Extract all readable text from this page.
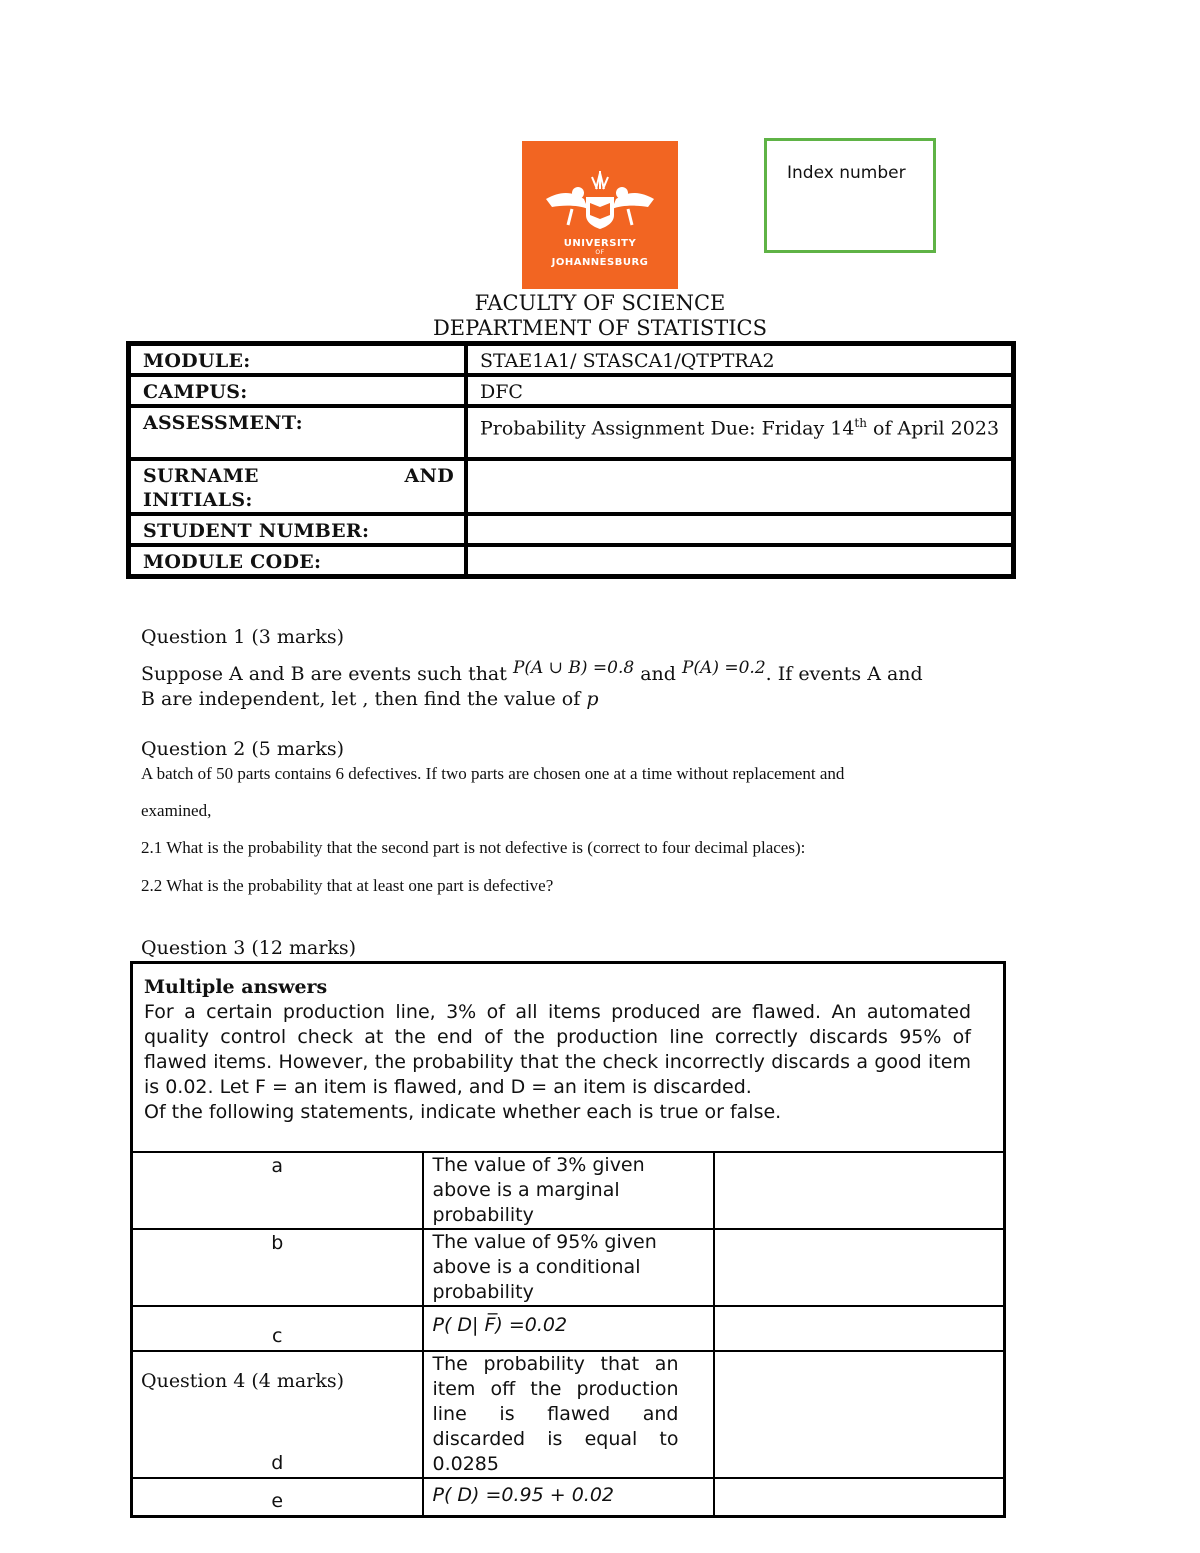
UNIVERSITY
OF
JOHANNESBURG
Index number
FACULTY OF SCIENCE
DEPARTMENT OF STATISTICS
MODULE:	STAE1A1/ STASCA1/QTPTRA2
CAMPUS:	DFC
ASSESSMENT:	Probability Assignment Due: Friday 14th of April 2023

SURNAME AND
INITIALS:	

STUDENT NUMBER:	
MODULE CODE:	
Question 1 (3 marks)
Suppose A and B are events such that P(A ∪ B) =0.8 and P(A) =0.2. If events A and
B are independent, let , then find the value of p
Question 2 (5 marks)
A batch of 50 parts contains 6 defectives. If two parts are chosen one at a time without replacement and
examined,
2.1 What is the probability that the second part is not defective is (correct to four decimal places):
2.2 What is the probability that at least one part is defective?
Question 3 (12 marks)
Multiple answers
For a certain production line, 3% of all items produced are flawed. An automated quality control check at the end of the production line correctly discards 95% of flawed items. However, the probability that the check incorrectly discards a good item is 0.02. Let F = an item is flawed, and D = an item is discarded.
Of the following statements, indicate whether each is true or false.		

a	The value of 3% given above is a marginal probability	
b	The value of 95% given above is a conditional probability	
c	P( D| F̅) =0.02	
d	The probability that an item off the production line is flawed and discarded is equal to 0.0285	
e	P( D) =0.95 + 0.02	
Question 4 (4 marks)
